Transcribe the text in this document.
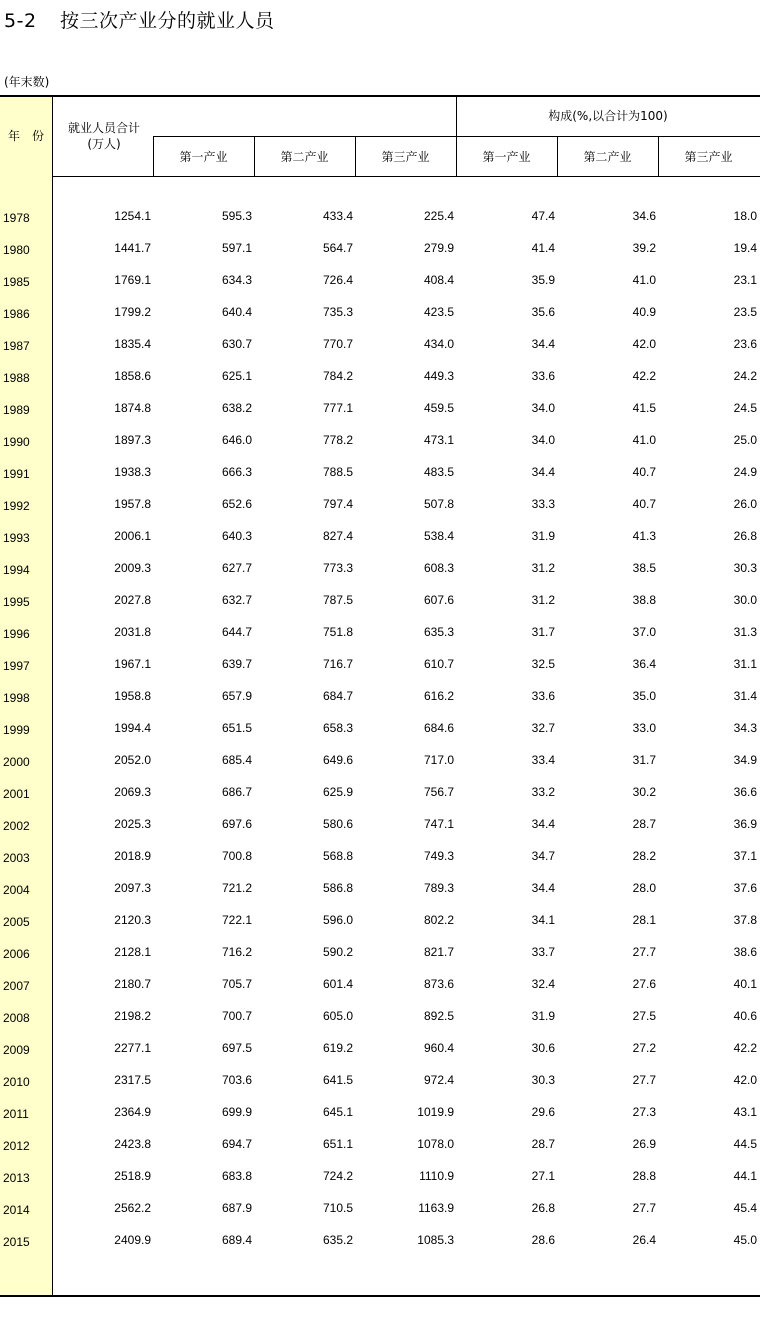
5-2 按三次产业分的就业人员
(年末数)
年　份
就业人员合计
(万人)
构成(%,以合计为100)
第一产业	第二产业	第三产业	第一产业	第二产业	第三产业
1978	1254.1	595.3	433.4	225.4	47.4	34.6	18.0
1980	1441.7	597.1	564.7	279.9	41.4	39.2	19.4
1985	1769.1	634.3	726.4	408.4	35.9	41.0	23.1
1986	1799.2	640.4	735.3	423.5	35.6	40.9	23.5
1987	1835.4	630.7	770.7	434.0	34.4	42.0	23.6
1988	1858.6	625.1	784.2	449.3	33.6	42.2	24.2
1989	1874.8	638.2	777.1	459.5	34.0	41.5	24.5
1990	1897.3	646.0	778.2	473.1	34.0	41.0	25.0
1991	1938.3	666.3	788.5	483.5	34.4	40.7	24.9
1992	1957.8	652.6	797.4	507.8	33.3	40.7	26.0
1993	2006.1	640.3	827.4	538.4	31.9	41.3	26.8
1994	2009.3	627.7	773.3	608.3	31.2	38.5	30.3
1995	2027.8	632.7	787.5	607.6	31.2	38.8	30.0
1996	2031.8	644.7	751.8	635.3	31.7	37.0	31.3
1997	1967.1	639.7	716.7	610.7	32.5	36.4	31.1
1998	1958.8	657.9	684.7	616.2	33.6	35.0	31.4
1999	1994.4	651.5	658.3	684.6	32.7	33.0	34.3
2000	2052.0	685.4	649.6	717.0	33.4	31.7	34.9
2001	2069.3	686.7	625.9	756.7	33.2	30.2	36.6
2002	2025.3	697.6	580.6	747.1	34.4	28.7	36.9
2003	2018.9	700.8	568.8	749.3	34.7	28.2	37.1
2004	2097.3	721.2	586.8	789.3	34.4	28.0	37.6
2005	2120.3	722.1	596.0	802.2	34.1	28.1	37.8
2006	2128.1	716.2	590.2	821.7	33.7	27.7	38.6
2007	2180.7	705.7	601.4	873.6	32.4	27.6	40.1
2008	2198.2	700.7	605.0	892.5	31.9	27.5	40.6
2009	2277.1	697.5	619.2	960.4	30.6	27.2	42.2
2010	2317.5	703.6	641.5	972.4	30.3	27.7	42.0
2011	2364.9	699.9	645.1	1019.9	29.6	27.3	43.1
2012	2423.8	694.7	651.1	1078.0	28.7	26.9	44.5
2013	2518.9	683.8	724.2	1110.9	27.1	28.8	44.1
2014	2562.2	687.9	710.5	1163.9	26.8	27.7	45.4
2015	2409.9	689.4	635.2	1085.3	28.6	26.4	45.0
